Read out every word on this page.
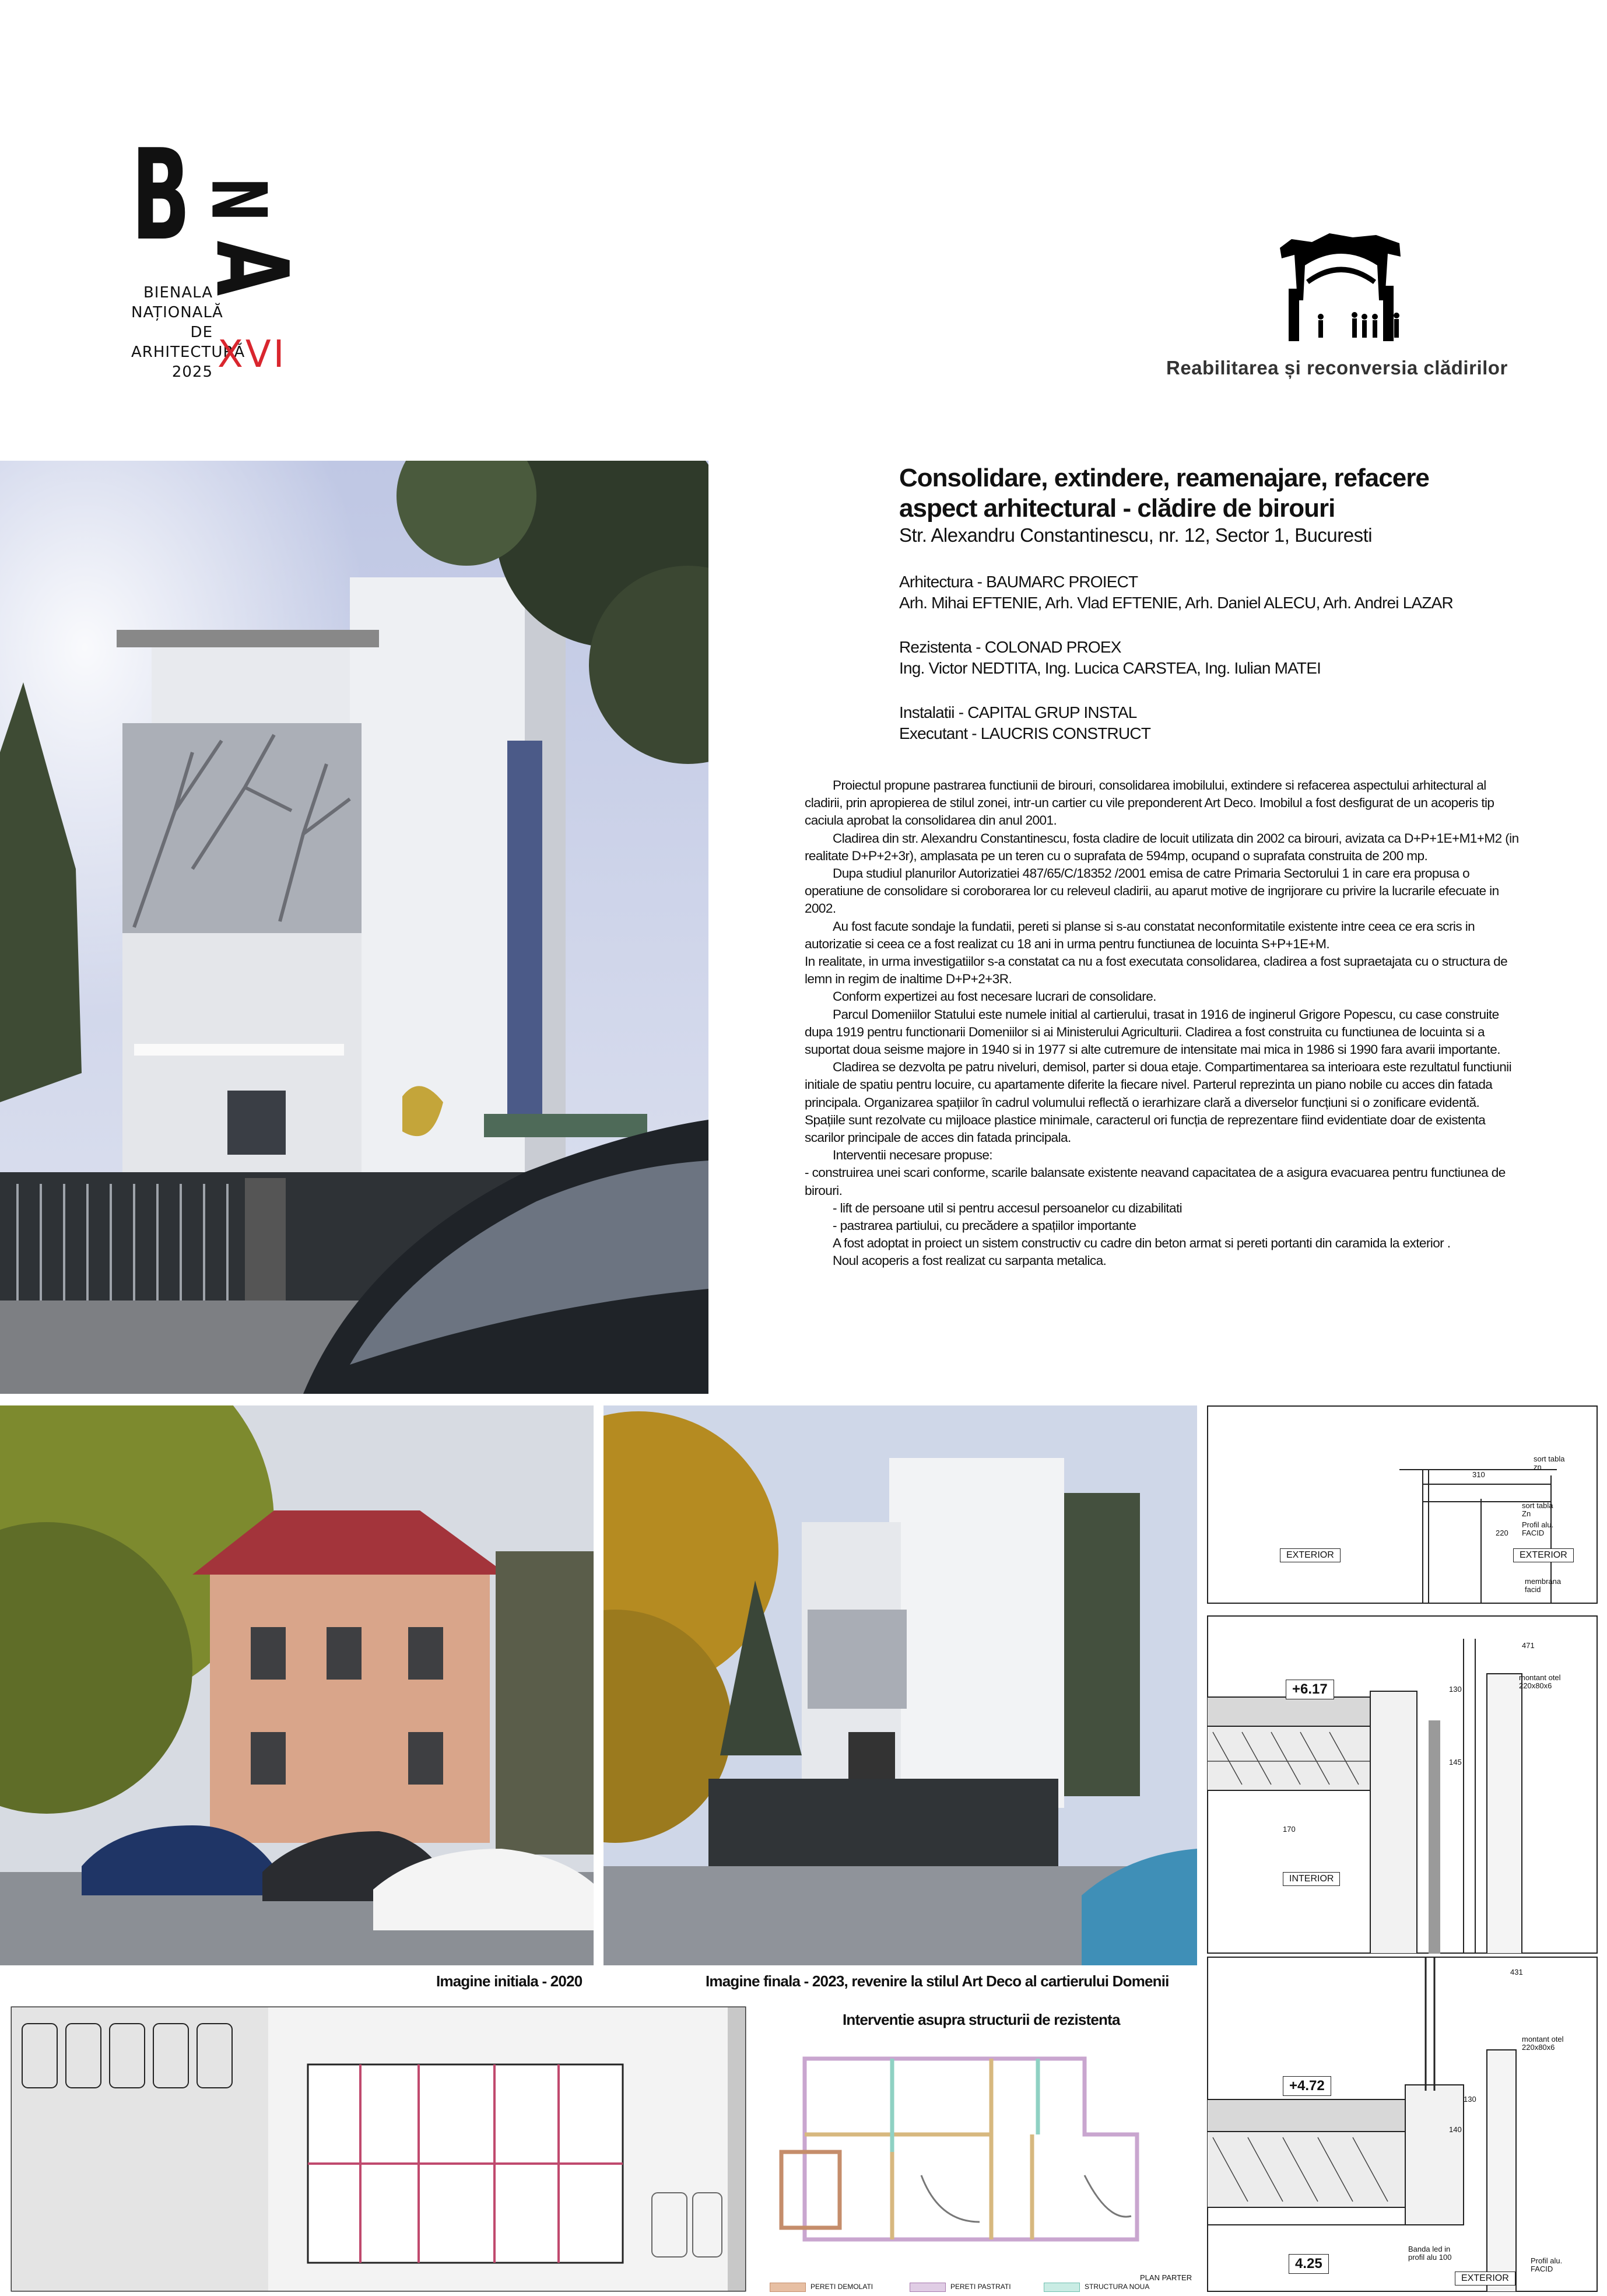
B N
A
BIENALA
NAȚIONALĂ
DE
ARHITECTURĂ
2025 XVI	Reabilitarea și reconversia clădirilor
Consolidare, extindere, reamenajare, refacere
aspect arhitectural - clădire de birouri
Str. Alexandru Constantinescu, nr. 12, Sector 1, Bucuresti
Arhitectura - BAUMARC PROIECT
Arh. Mihai EFTENIE, Arh. Vlad EFTENIE, Arh. Daniel ALECU, Arh. Andrei LAZAR
Rezistenta - COLONAD PROEX
Ing. Victor NEDTITA, Ing. Lucica CARSTEA, Ing. Iulian MATEI
Instalatii - CAPITAL GRUP INSTAL
Executant - LAUCRIS CONSTRUCT

Proiectul propune pastrarea functiunii de birouri, consolidarea imobilului, extindere si refacerea aspectului arhitectural al cladirii, prin apropierea de stilul zonei, intr-un cartier cu vile preponderent Art Deco. Imobilul a fost desfigurat de un acoperis tip caciula aprobat la consolidarea din anul 2001.

Cladirea din str. Alexandru Constantinescu, fosta cladire de locuit utilizata din 2002 ca birouri, avizata ca D+P+1E+M1+M2 (in realitate D+P+2+3r), amplasata pe un teren cu o suprafata de 594mp, ocupand o suprafata construita de 200 mp.

Dupa studiul planurilor Autorizatiei 487/65/C/18352 /2001 emisa de catre Primaria Sectorului 1 in care era propusa o operatiune de consolidare si coroborarea lor cu releveul cladirii, au aparut motive de ingrijorare cu privire la lucrarile efecuate in 2002.

Au fost facute sondaje la fundatii, pereti si planse si s-au constatat neconformitatile existente intre ceea ce era scris in autorizatie si ceea ce a fost realizat cu 18 ani in urma pentru functiunea de locuinta S+P+1E+M.

In realitate, in urma investigatiilor s-a constatat ca nu a fost executata consolidarea, cladirea a fost supraetajata cu o structura de lemn in regim de inaltime D+P+2+3R.

Conform expertizei au fost necesare lucrari de consolidare.

Parcul Domeniilor Statului este numele initial al cartierului, trasat in 1916 de inginerul Grigore Popescu, cu case construite dupa 1919 pentru functionarii Domeniilor si ai Ministerului Agriculturii. Cladirea a fost construita cu functiunea de locuinta si a suportat doua seisme majore in 1940 si in 1977 si alte cutremure de intensitate mai mica in 1986 si 1990 fara avarii importante.

Cladirea se dezvolta pe patru niveluri, demisol, parter si doua etaje. Compartimentarea sa interioara este rezultatul functiunii initiale de spatiu pentru locuire, cu apartamente diferite la fiecare nivel. Parterul reprezinta un piano nobile cu acces din fatada principala. Organizarea spațiilor în cadrul volumului reflectă o ierarhizare clară a diverselor funcțiuni si o zonificare evidentă. Spațiile sunt rezolvate cu mijloace plastice minimale, caracterul ori funcția de reprezentare fiind evidentiate doar de existenta scarilor principale de acces din fatada principala.

Interventii necesare propuse:

- construirea unei scari conforme, scarile balansate existente neavand capacitatea de a asigura evacuarea pentru functiunea de birouri.

- lift de persoane util si pentru accesul persoanelor cu dizabilitati

- pastrarea partiului, cu precădere a spațiilor importante

A fost adoptat in proiect un sistem constructiv cu cadre din beton armat si pereti portanti din caramida la exterior .

Noul acoperis a fost realizat cu sarpanta metalica.

Imagine initiala - 2020	Imagine finala - 2023, revenire la stilul Art Deco al cartierului Domenii
Interventie asupra structurii de rezistenta
PLAN PARTER
PERETI DEMOLATI	PERETI PASTRATI	STRUCTURA NOUA
EXTERIOR	EXTERIOR
sort tabla zn
sort tabla Zn
Profil alu. FACID
membrana facid
310
220
+6.17
INTERIOR
montant otel 220x80x6
471
130
145
170
+4.72
4.25
EXTERIOR
montant otel 220x80x6
Banda led in profil alu 100	Profil alu. FACID
431
130
140
